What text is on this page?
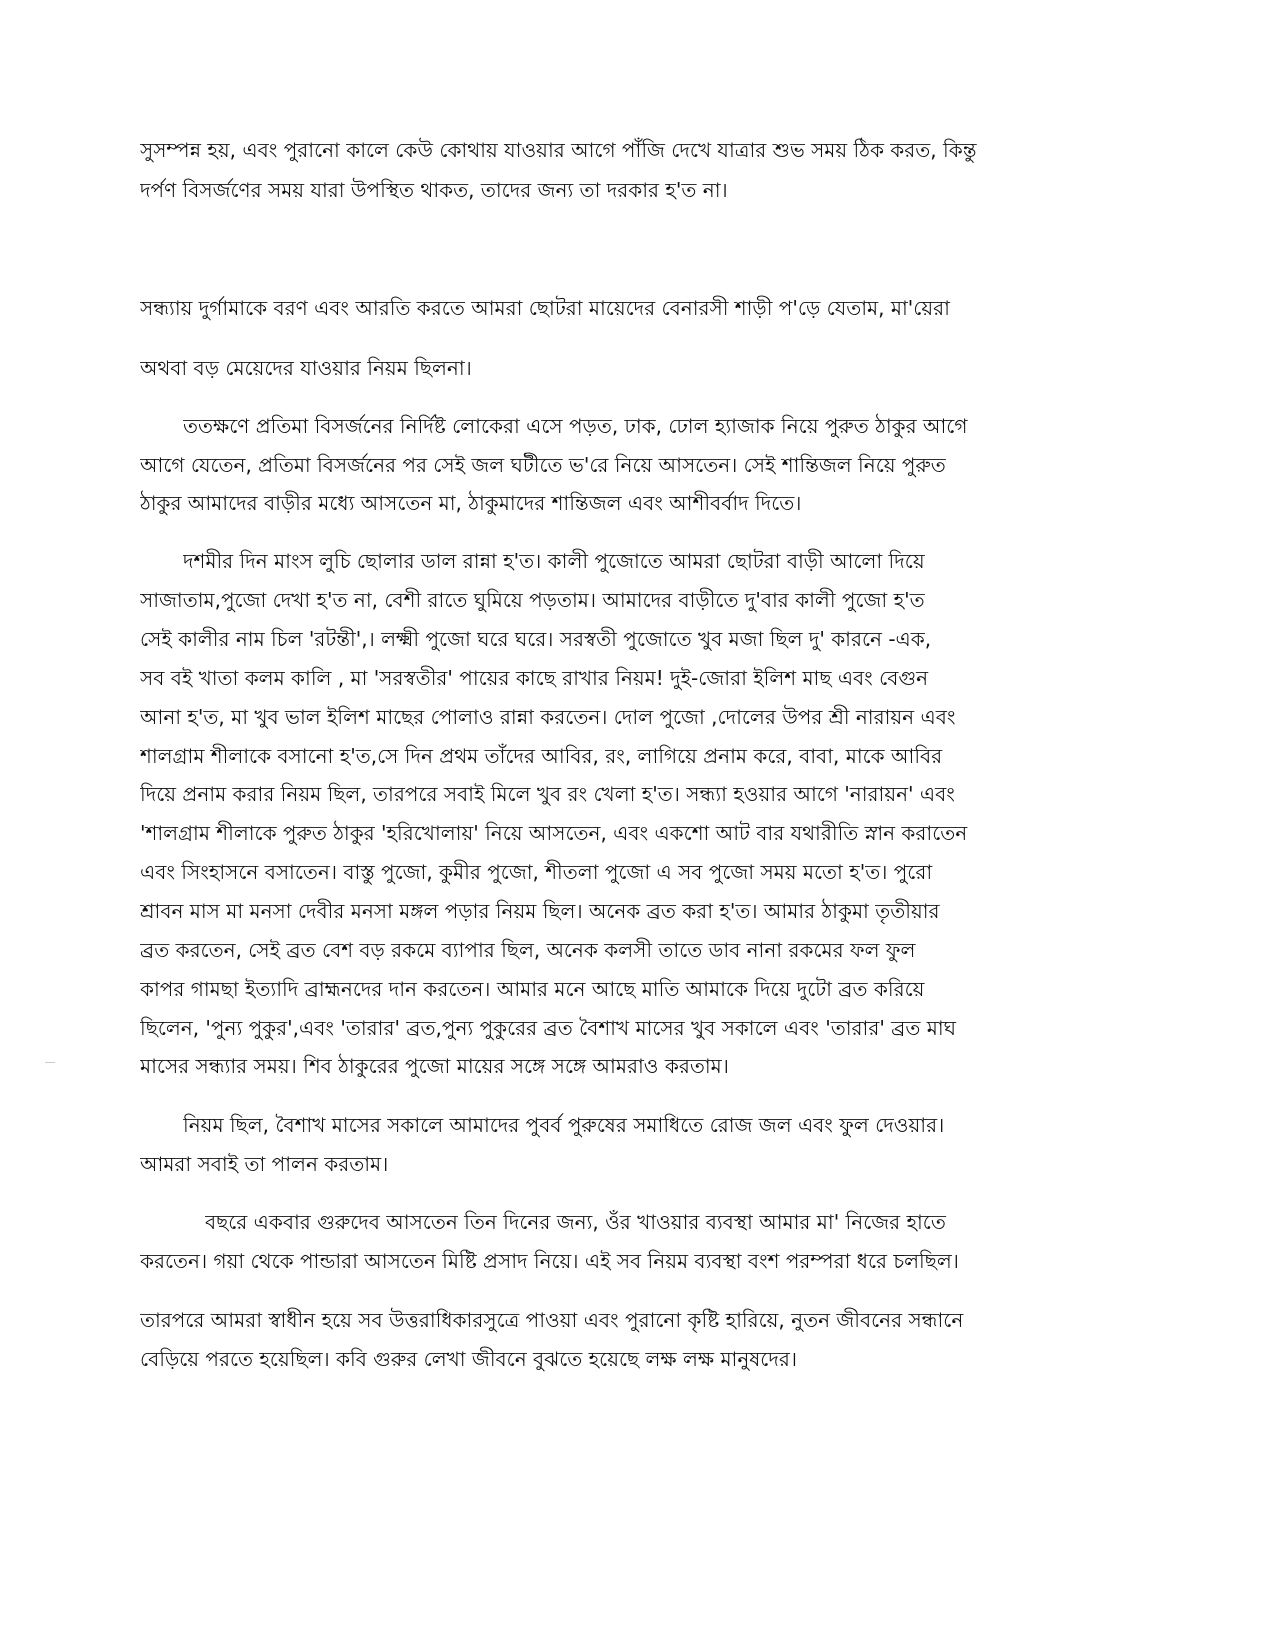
সুসম্পন্ন হয়, এবং পুরানো কালে কেউ কোথায় যাওয়ার আগে পাঁজি দেখে যাত্রার শুভ সময় ঠিক করত, কিন্তু
দর্পণ বিসর্জণের সময় যারা উপস্থিত থাকত, তাদের জন্য তা দরকার হ'ত না।
সন্ধ্যায় দুর্গামাকে বরণ এবং আরতি করতে আমরা ছোটরা মায়েদের বেনারসী শাড়ী প'ড়ে যেতাম, মা'য়েরা
অথবা বড় মেয়েদের যাওয়ার নিয়ম ছিলনা।
ততক্ষণে প্রতিমা বিসর্জনের নির্দিষ্ট লোকেরা এসে পড়ত, ঢাক, ঢোল হ্যাজাক নিয়ে পুরুত ঠাকুর আগে
আগে যেতেন, প্রতিমা বিসর্জনের পর সেই জল ঘটীতে ভ'রে নিয়ে আসতেন। সেই শান্তিজল নিয়ে পুরুত
ঠাকুর আমাদের বাড়ীর মধ্যে আসতেন মা, ঠাকুমাদের শান্তিজল এবং আশীবর্বাদ দিতে।
দশমীর দিন মাংস লুচি ছোলার ডাল রান্না হ'ত। কালী পুজোতে আমরা ছোটরা বাড়ী আলো দিয়ে
সাজাতাম,পুজো দেখা হ'ত না, বেশী রাতে ঘুমিয়ে পড়তাম। আমাদের বাড়ীতে দু'বার কালী পুজো হ'ত
সেই কালীর নাম চিল 'রটন্তী',। লক্ষ্মী পুজো ঘরে ঘরে। সরস্বতী পুজোতে খুব মজা ছিল দু' কারনে -এক,
সব বই খাতা কলম কালি , মা 'সরস্বতীর' পায়ের কাছে রাখার নিয়ম! দুই-জোরা ইলিশ মাছ এবং বেগুন
আনা হ'ত, মা খুব ভাল ইলিশ মাছের পোলাও রান্না করতেন। দোল পুজো ,দোলের উপর শ্রী নারায়ন এবং
শালগ্রাম শীলাকে বসানো হ'ত,সে দিন প্রথম তাঁদের আবির, রং, লাগিয়ে প্রনাম করে, বাবা, মাকে আবির
দিয়ে প্রনাম করার নিয়ম ছিল, তারপরে সবাই মিলে খুব রং খেলা হ'ত। সন্ধ্যা হওয়ার আগে 'নারায়ন' এবং
'শালগ্রাম শীলাকে পুরুত ঠাকুর 'হরিখোলায়' নিয়ে আসতেন, এবং একশো আট বার যথারীতি স্নান করাতেন
এবং সিংহাসনে বসাতেন। বাস্তু পুজো, কুমীর পুজো, শীতলা পুজো এ সব পুজো সময় মতো হ'ত। পুরো
শ্রাবন মাস মা মনসা দেবীর মনসা মঙ্গল পড়ার নিয়ম ছিল। অনেক ব্রত করা হ'ত। আমার ঠাকুমা তৃতীয়ার
ব্রত করতেন, সেই ব্রত বেশ বড় রকমে ব্যাপার ছিল, অনেক কলসী তাতে ডাব নানা রকমের ফল ফুল
কাপর গামছা ইত্যাদি ব্রাহ্মনদের দান করতেন। আমার মনে আছে মাতি আমাকে দিয়ে দুটো ব্রত করিয়ে
ছিলেন, 'পুন্য পুকুর',এবং 'তারার' ব্রত,পুন্য পুকুরের ব্রত বৈশাখ মাসের খুব সকালে এবং 'তারার' ব্রত মাঘ
মাসের সন্ধ্যার সময়। শিব ঠাকুরের পুজো মায়ের সঙ্গে সঙ্গে আমরাও করতাম।
নিয়ম ছিল, বৈশাখ মাসের সকালে আমাদের পুবর্ব পুরুষের সমাধিতে রোজ জল এবং ফুল দেওয়ার।
আমরা সবাই তা পালন করতাম।
বছরে একবার গুরুদেব আসতেন তিন দিনের জন্য, ওঁর খাওয়ার ব্যবস্থা আমার মা' নিজের হাতে
করতেন। গয়া থেকে পান্ডারা আসতেন মিষ্টি প্রসাদ নিয়ে। এই সব নিয়ম ব্যবস্থা বংশ পরম্পরা ধরে চলছিল।
তারপরে আমরা স্বাধীন হয়ে সব উত্তরাধিকারসুত্রে পাওয়া এবং পুরানো কৃষ্টি হারিয়ে, নুতন জীবনের সন্ধানে
বেড়িয়ে পরতে হয়েছিল। কবি গুরুর লেখা জীবনে বুঝতে হয়েছে লক্ষ লক্ষ মানুষদের।
